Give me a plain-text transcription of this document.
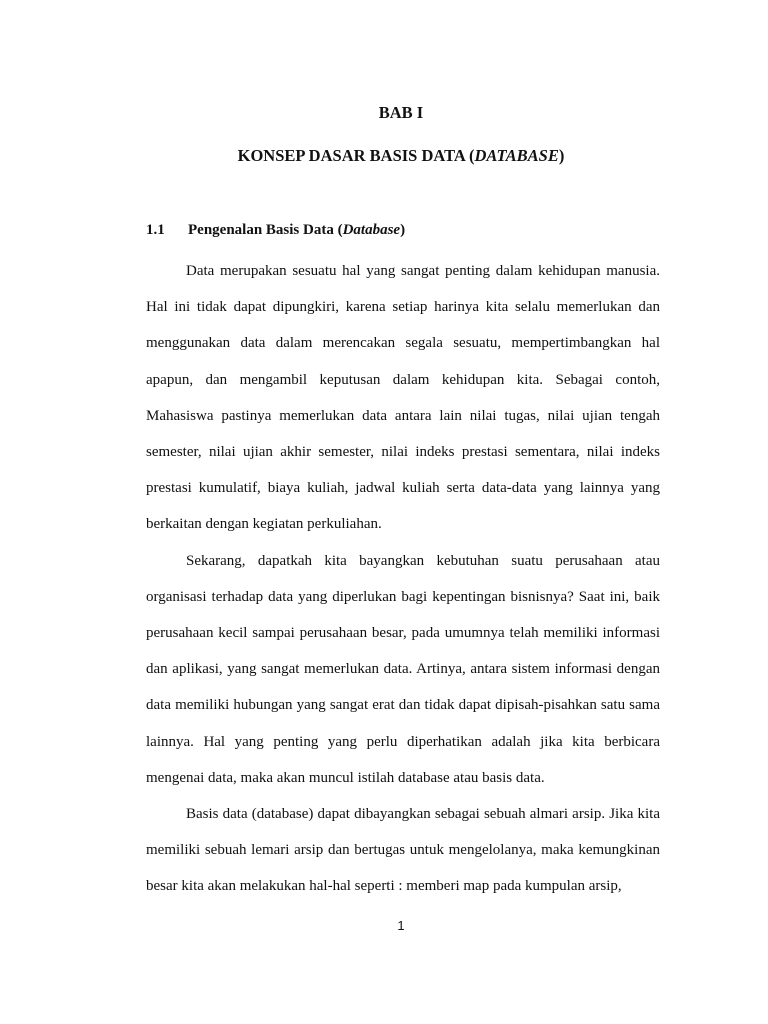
BAB I
KONSEP DASAR BASIS DATA (DATABASE)
1.1 Pengenalan Basis Data (Database)

Data merupakan sesuatu hal yang sangat penting dalam kehidupan manusia. Hal ini tidak dapat dipungkiri, karena setiap harinya kita selalu memerlukan dan menggunakan data dalam merencakan segala sesuatu, mempertimbangkan hal apapun, dan mengambil keputusan dalam kehidupan kita. Sebagai contoh, Mahasiswa pastinya memerlukan data antara lain nilai tugas, nilai ujian tengah semester, nilai ujian akhir semester, nilai indeks prestasi sementara, nilai indeks prestasi kumulatif, biaya kuliah, jadwal kuliah serta data-data yang lainnya yang berkaitan dengan kegiatan perkuliahan.

Sekarang, dapatkah kita bayangkan kebutuhan suatu perusahaan atau organisasi terhadap data yang diperlukan bagi kepentingan bisnisnya? Saat ini, baik perusahaan kecil sampai perusahaan besar, pada umumnya telah memiliki informasi dan aplikasi, yang sangat memerlukan data. Artinya, antara sistem informasi dengan data memiliki hubungan yang sangat erat dan tidak dapat dipisah-pisahkan satu sama lainnya. Hal yang penting yang perlu diperhatikan adalah jika kita berbicara mengenai data, maka akan muncul istilah database atau basis data.

Basis data (database) dapat dibayangkan sebagai sebuah almari arsip. Jika kita memiliki sebuah lemari arsip dan bertugas untuk mengelolanya, maka kemungkinan besar kita akan melakukan hal-hal seperti : memberi map pada kumpulan arsip,

1
